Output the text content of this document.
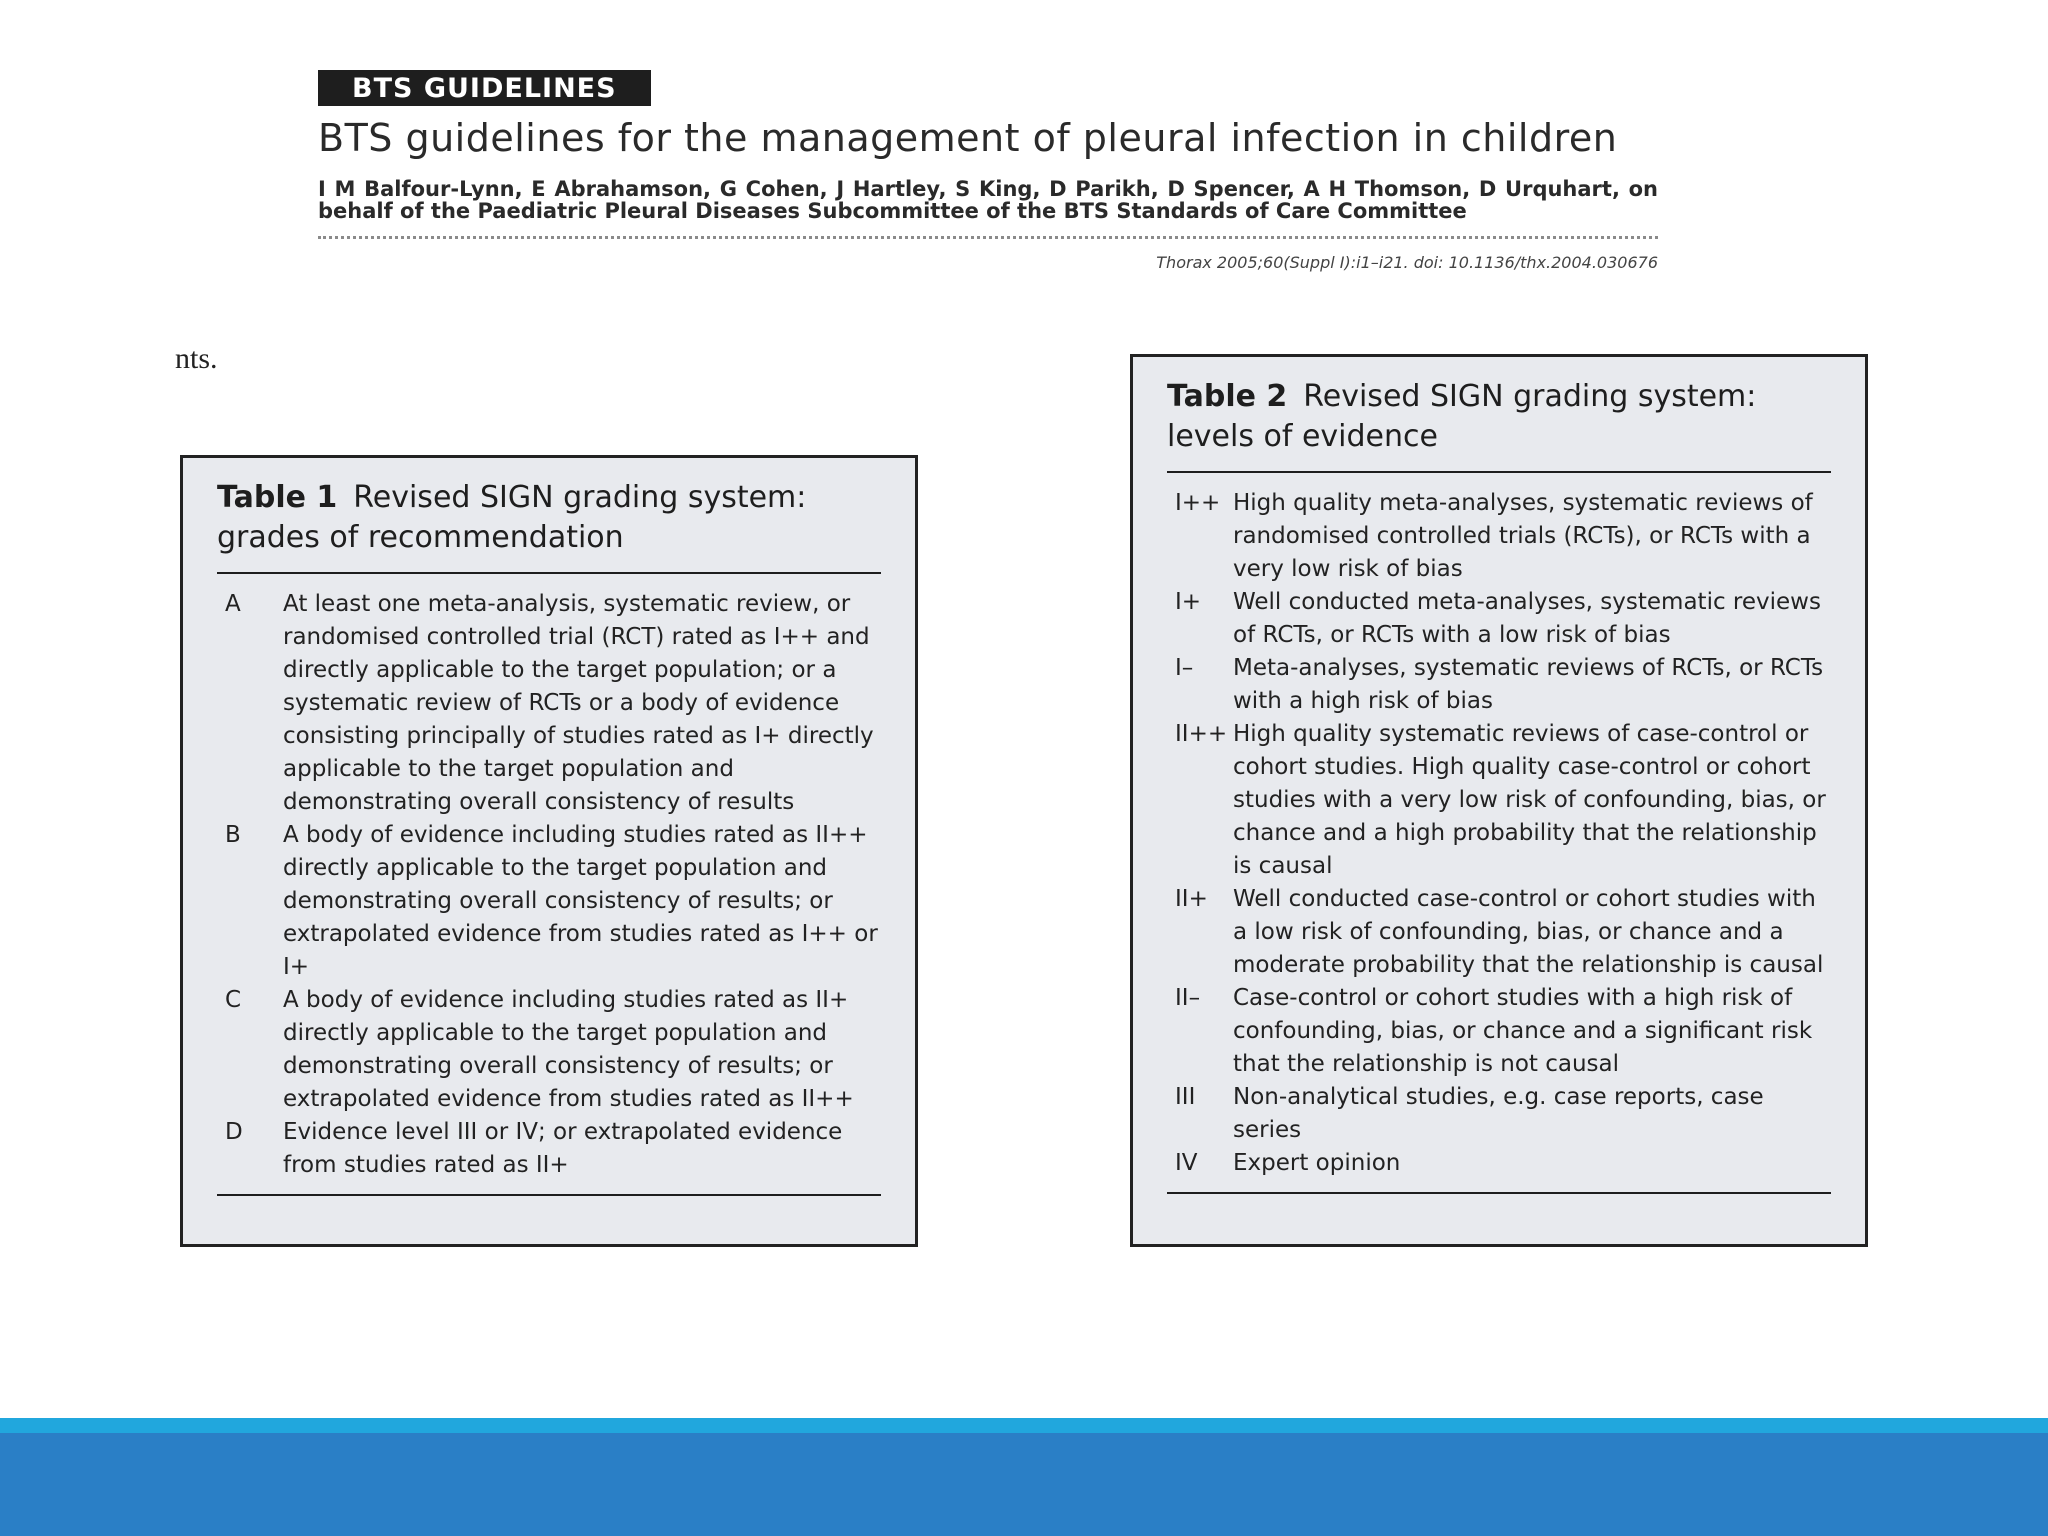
BTS GUIDELINES
BTS guidelines for the management of pleural infection in children
I M Balfour-Lynn, E Abrahamson, G Cohen, J Hartley, S King, D Parikh, D Spencer, A H Thomson, D Urquhart, on behalf of the Paediatric Pleural Diseases Subcommittee of the BTS Standards of Care Committee
Thorax 2005;60(Suppl I):i1–i21. doi: 10.1136/thx.2004.030676
nts.
Table 1 Revised SIGN grading system: grades of recommendation
A	At least one meta-analysis, systematic review, or randomised controlled trial (RCT) rated as I++ and directly applicable to the target population; or a systematic review of RCTs or a body of evidence consisting principally of studies rated as I+ directly applicable to the target population and demonstrating overall consistency of results
B	A body of evidence including studies rated as II++ directly applicable to the target population and demonstrating overall consistency of results; or extrapolated evidence from studies rated as I++ or I+
C	A body of evidence including studies rated as II+ directly applicable to the target population and demonstrating overall consistency of results; or extrapolated evidence from studies rated as II++
D	Evidence level III or IV; or extrapolated evidence from studies rated as II+
Table 2 Revised SIGN grading system: levels of evidence
I++ High quality meta-analyses, systematic reviews of randomised controlled trials (RCTs), or RCTs with a very low risk of bias
I+	Well conducted meta-analyses, systematic reviews of RCTs, or RCTs with a low risk of bias
I–	Meta-analyses, systematic reviews of RCTs, or RCTs with a high risk of bias
II++ High quality systematic reviews of case-control or cohort studies. High quality case-control or cohort studies with a very low risk of confounding, bias, or chance and a high probability that the relationship is causal
II+	Well conducted case-control or cohort studies with a low risk of confounding, bias, or chance and a moderate probability that the relationship is causal
II–	Case-control or cohort studies with a high risk of confounding, bias, or chance and a significant risk that the relationship is not causal
III	Non-analytical studies, e.g. case reports, case series
IV	Expert opinion
